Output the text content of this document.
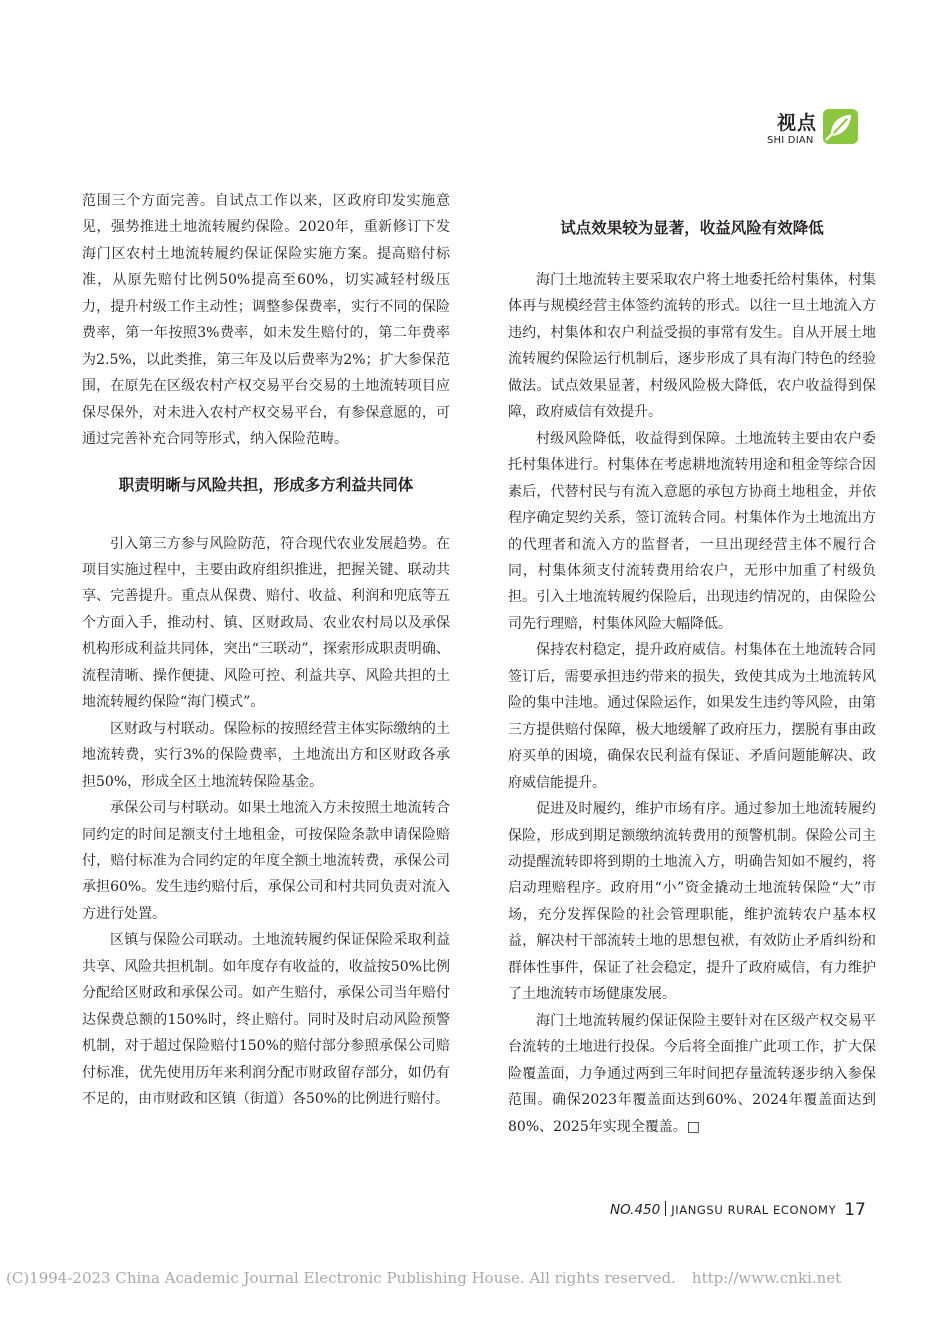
视点
SHI DIAN

范围三个方面完善。自试点工作以来，区政府印发实施意见，强势推进土地流转履约保险。2020年，重新修订下发海门区农村土地流转履约保证保险实施方案。提高赔付标准，从原先赔付比例50%提高至60%，切实减轻村级压力，提升村级工作主动性；调整参保费率，实行不同的保险费率，第一年按照3%费率，如未发生赔付的，第二年费率为2.5%，以此类推，第三年及以后费率为2%；扩大参保范围，在原先在区级农村产权交易平台交易的土地流转项目应保尽保外，对未进入农村产权交易平台，有参保意愿的，可通过完善补充合同等形式，纳入保险范畴。

职责明晰与风险共担，形成多方利益共同体

引入第三方参与风险防范，符合现代农业发展趋势。在项目实施过程中，主要由政府组织推进，把握关键、联动共享、完善提升。重点从保费、赔付、收益、利润和兜底等五个方面入手，推动村、镇、区财政局、农业农村局以及承保机构形成利益共同体，突出“三联动”，探索形成职责明确、流程清晰、操作便捷、风险可控、利益共享、风险共担的土地流转履约保险“海门模式”。

区财政与村联动。保险标的按照经营主体实际缴纳的土地流转费，实行3%的保险费率，土地流出方和区财政各承担50%，形成全区土地流转保险基金。

承保公司与村联动。如果土地流入方未按照土地流转合同约定的时间足额支付土地租金，可按保险条款申请保险赔付，赔付标准为合同约定的年度全额土地流转费，承保公司承担60%。发生违约赔付后，承保公司和村共同负责对流入方进行处置。

区镇与保险公司联动。土地流转履约保证保险采取利益共享、风险共担机制。如年度存有收益的，收益按50%比例分配给区财政和承保公司。如产生赔付，承保公司当年赔付达保费总额的150%时，终止赔付。同时及时启动风险预警机制，对于超过保险赔付150%的赔付部分参照承保公司赔付标准，优先使用历年来利润分配市财政留存部分，如仍有不足的，由市财政和区镇（街道）各50%的比例进行赔付。

试点效果较为显著，收益风险有效降低

海门土地流转主要采取农户将土地委托给村集体，村集体再与规模经营主体签约流转的形式。以往一旦土地流入方违约，村集体和农户利益受损的事常有发生。自从开展土地流转履约保险运行机制后，逐步形成了具有海门特色的经验做法。试点效果显著，村级风险极大降低，农户收益得到保障，政府威信有效提升。

村级风险降低，收益得到保障。土地流转主要由农户委托村集体进行。村集体在考虑耕地流转用途和租金等综合因素后，代替村民与有流入意愿的承包方协商土地租金，并依程序确定契约关系，签订流转合同。村集体作为土地流出方的代理者和流入方的监督者，一旦出现经营主体不履行合同，村集体须支付流转费用给农户，无形中加重了村级负担。引入土地流转履约保险后，出现违约情况的，由保险公司先行理赔，村集体风险大幅降低。

保持农村稳定，提升政府威信。村集体在土地流转合同签订后，需要承担违约带来的损失，致使其成为土地流转风险的集中洼地。通过保险运作，如果发生违约等风险，由第三方提供赔付保障，极大地缓解了政府压力，摆脱有事由政府买单的困境，确保农民利益有保证、矛盾问题能解决、政府威信能提升。

促进及时履约，维护市场有序。通过参加土地流转履约保险，形成到期足额缴纳流转费用的预警机制。保险公司主动提醒流转即将到期的土地流入方，明确告知如不履约，将启动理赔程序。政府用“小”资金撬动土地流转保险“大”市场，充分发挥保险的社会管理职能，维护流转农户基本权益，解决村干部流转土地的思想包袱，有效防止矛盾纠纷和群体性事件，保证了社会稳定，提升了政府威信，有力维护了土地流转市场健康发展。

海门土地流转履约保证保险主要针对在区级产权交易平台流转的土地进行投保。今后将全面推广此项工作，扩大保险覆盖面，力争通过两到三年时间把存量流转逐步纳入参保范围。确保2023年覆盖面达到60%、2024年覆盖面达到80%、2025年实现全覆盖。□

NO.450 JIANGSU RURAL ECONOMY 17
(C)1994-2023 China Academic Journal Electronic Publishing House. All rights reserved. http://www.cnki.net
